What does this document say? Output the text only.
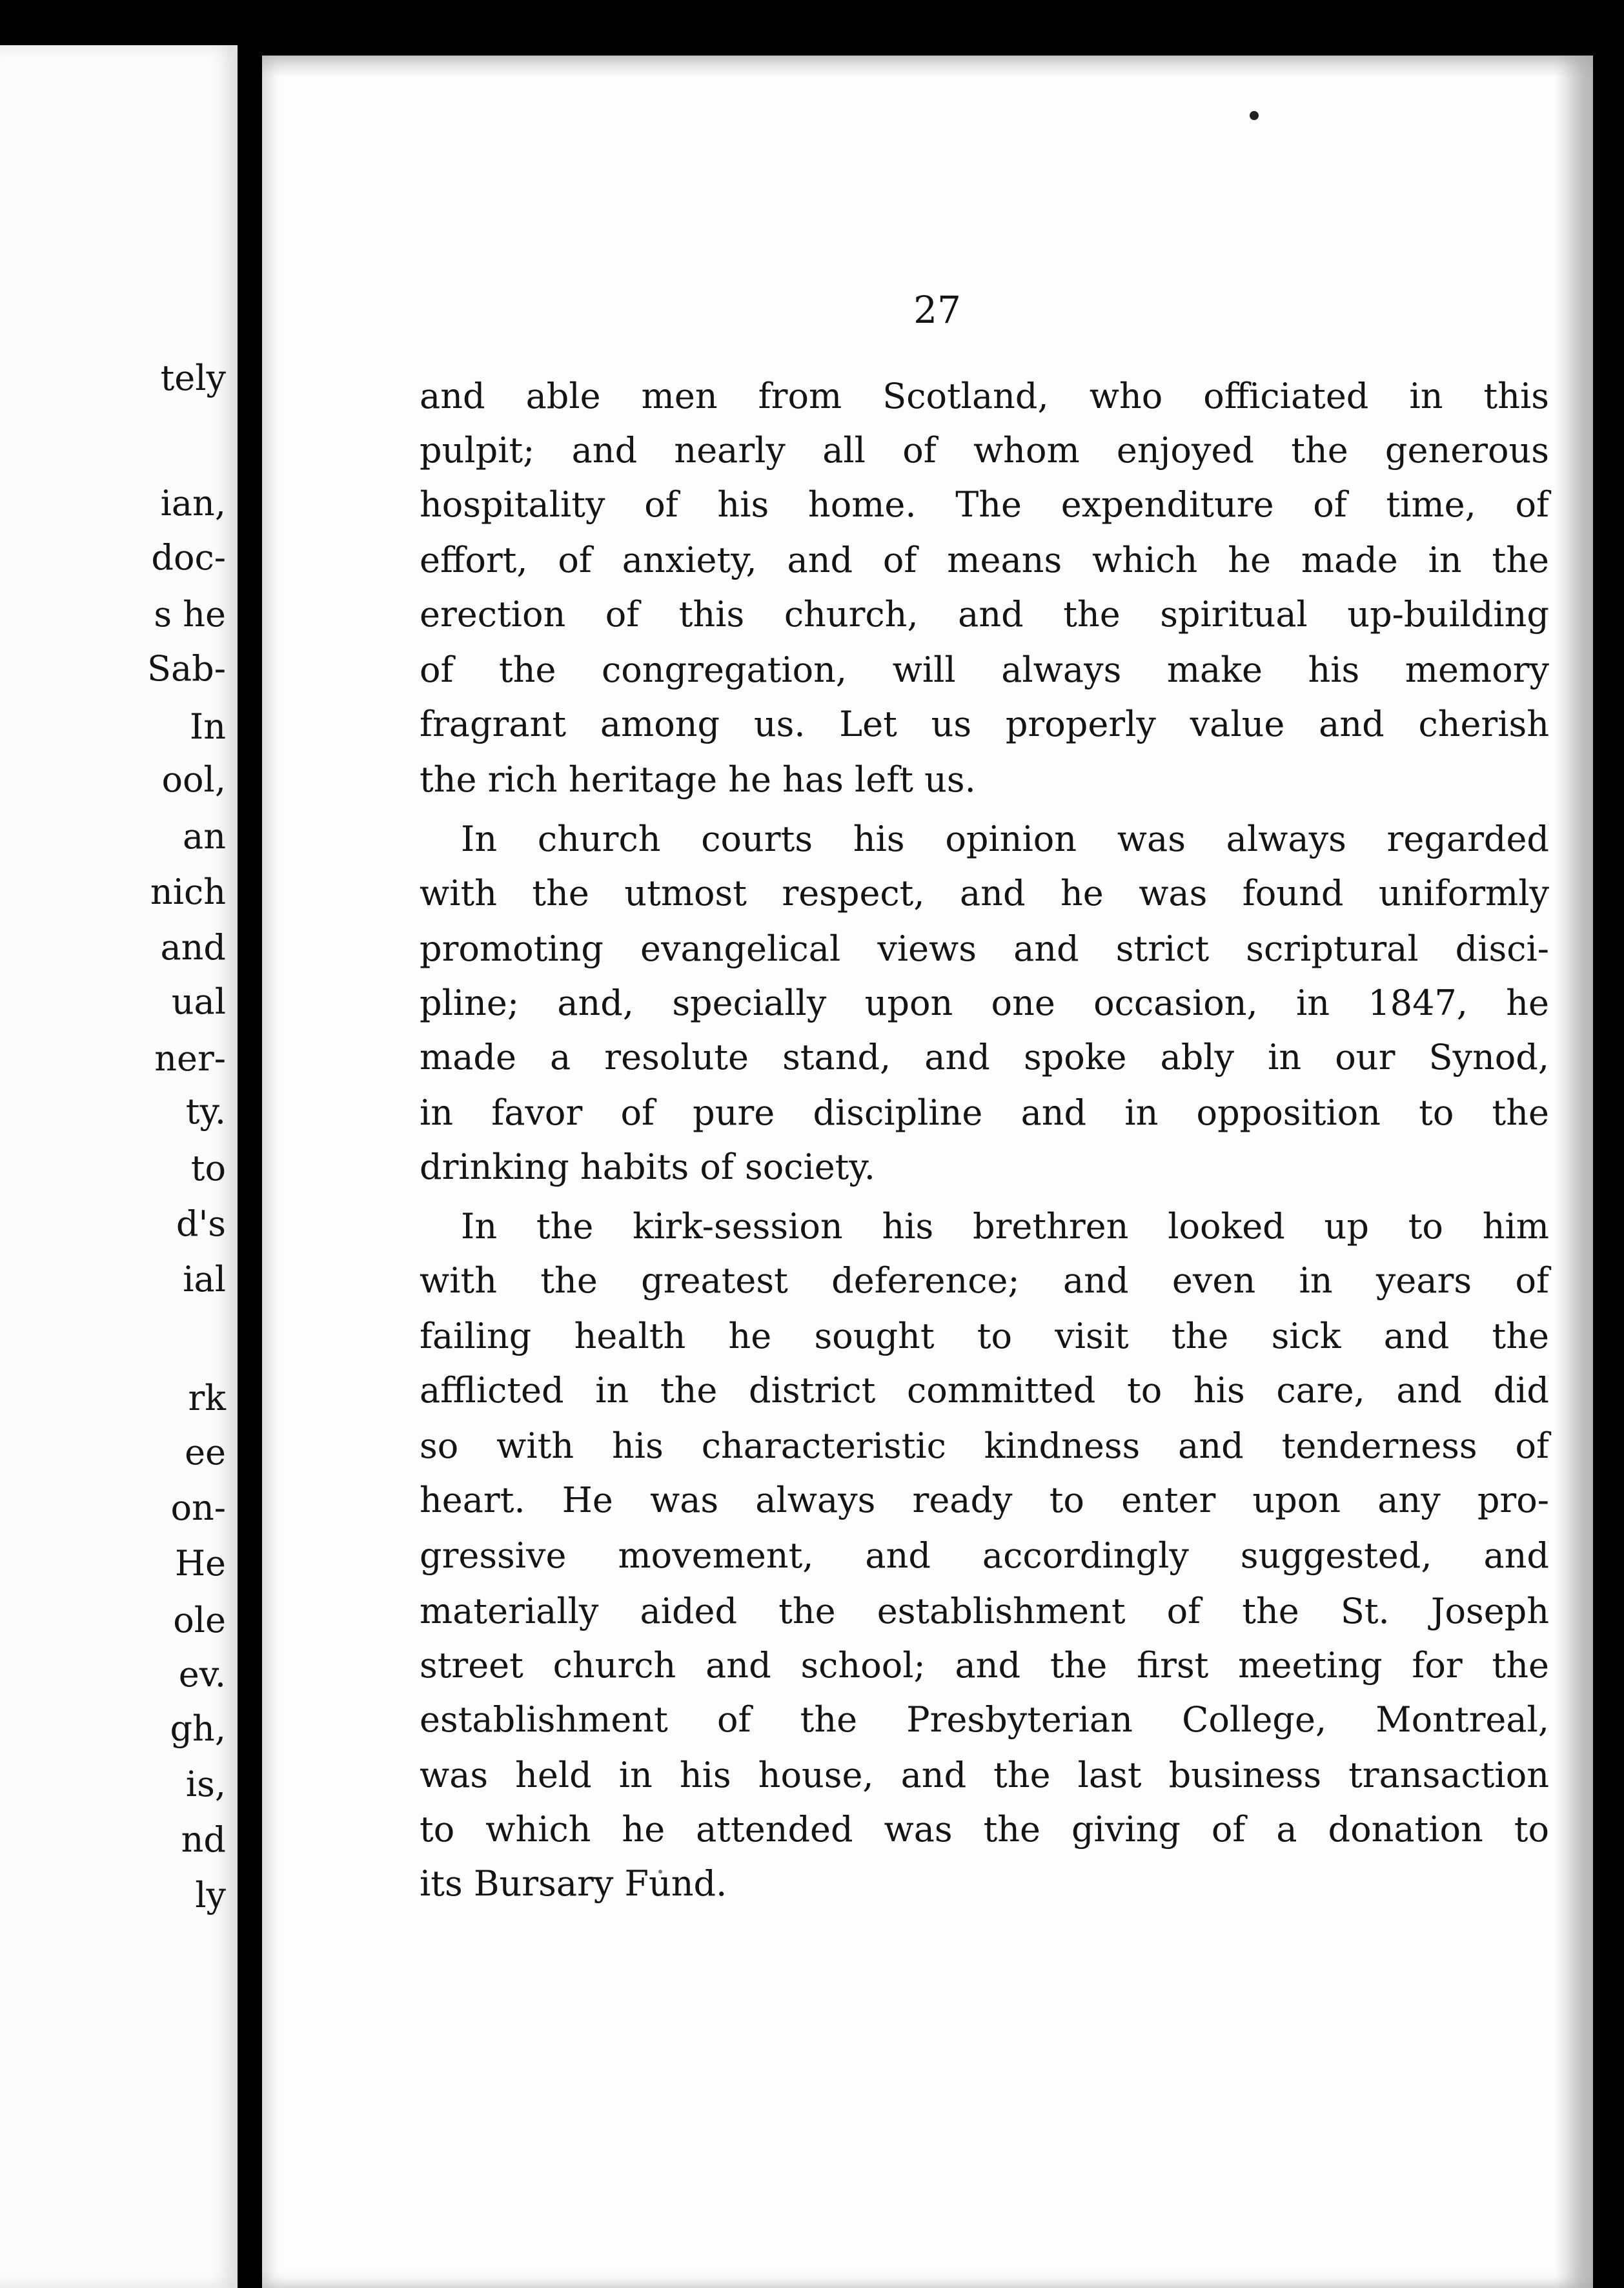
tely
ian,
doc-
s he
Sab-
In
ool,
an
nich
and
ual
ner-
ty.
to
d's
ial
rk
ee
on-
He
ole
ev.
gh,
is,
nd
ly
27
and able men from Scotland, who officiated in this
pulpit; and nearly all of whom enjoyed the generous
hospitality of his home. The expenditure of time, of
effort, of anxiety, and of means which he made in the
erection of this church, and the spiritual up-building
of the congregation, will always make his memory
fragrant among us. Let us properly value and cherish
the rich heritage he has left us.
In church courts his opinion was always regarded
with the utmost respect, and he was found uniformly
promoting evangelical views and strict scriptural disci-
pline; and, specially upon one occasion, in 1847, he
made a resolute stand, and spoke ably in our Synod,
in favor of pure discipline and in opposition to the
drinking habits of society.
In the kirk-session his brethren looked up to him
with the greatest deference; and even in years of
failing health he sought to visit the sick and the
afflicted in the district committed to his care, and did
so with his characteristic kindness and tenderness of
heart. He was always ready to enter upon any pro-
gressive movement, and accordingly suggested, and
materially aided the establishment of the St. Joseph
street church and school; and the first meeting for the
establishment of the Presbyterian College, Montreal,
was held in his house, and the last business transaction
to which he attended was the giving of a donation to
its Bursary Fund.
